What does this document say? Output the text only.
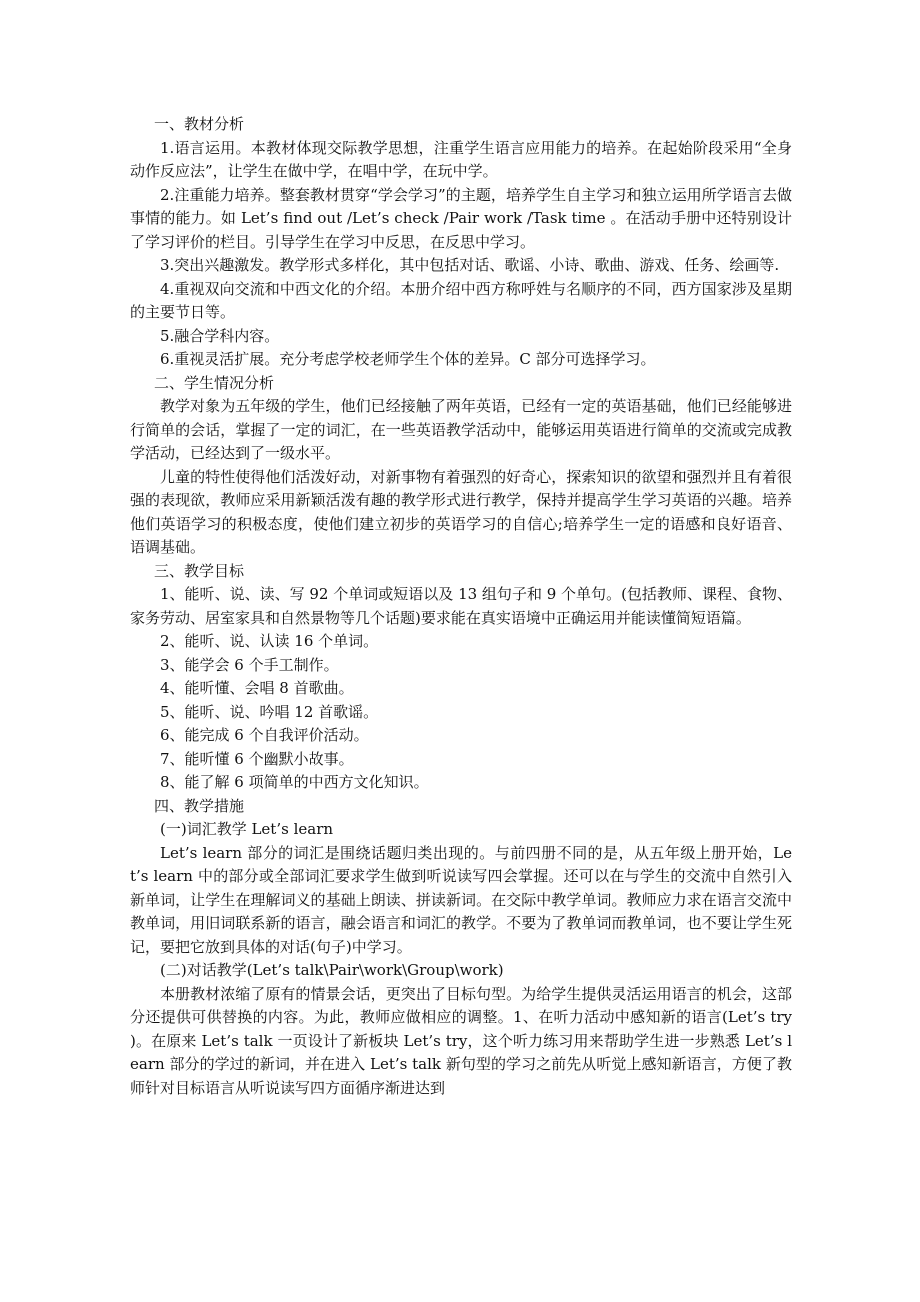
一、教材分析

1.语言运用。本教材体现交际教学思想，注重学生语言应用能力的培养。在起始阶段采用“全身动作反应法”，让学生在做中学，在唱中学，在玩中学。

2.注重能力培养。整套教材贯穿“学会学习”的主题，培养学生自主学习和独立运用所学语言去做事情的能力。如 Let’s find out /Let’s check /Pair work /Task time 。在活动手册中还特别设计了学习评价的栏目。引导学生在学习中反思，在反思中学习。

3.突出兴趣激发。教学形式多样化，其中包括对话、歌谣、小诗、歌曲、游戏、任务、绘画等.

4.重视双向交流和中西文化的介绍。本册介绍中西方称呼姓与名顺序的不同，西方国家涉及星期的主要节日等。

5.融合学科内容。

6.重视灵活扩展。充分考虑学校老师学生个体的差异。C 部分可选择学习。

二、学生情况分析

教学对象为五年级的学生，他们已经接触了两年英语，已经有一定的英语基础，他们已经能够进行简单的会话，掌握了一定的词汇，在一些英语教学活动中，能够运用英语进行简单的交流或完成教学活动，已经达到了一级水平。

儿童的特性使得他们活泼好动，对新事物有着强烈的好奇心，探索知识的欲望和强烈并且有着很强的表现欲，教师应采用新颖活泼有趣的教学形式进行教学，保持并提高学生学习英语的兴趣。培养他们英语学习的积极态度，使他们建立初步的英语学习的自信心;培养学生一定的语感和良好语音、语调基础。

三、教学目标

1、能听、说、读、写 92 个单词或短语以及 13 组句子和 9 个单句。(包括教师、课程、食物、家务劳动、居室家具和自然景物等几个话题)要求能在真实语境中正确运用并能读懂简短语篇。

2、能听、说、认读 16 个单词。

3、能学会 6 个手工制作。

4、能听懂、会唱 8 首歌曲。

5、能听、说、吟唱 12 首歌谣。

6、能完成 6 个自我评价活动。

7、能听懂 6 个幽默小故事。

8、能了解 6 项简单的中西方文化知识。

四、教学措施

(一)词汇教学 Let’s learn

Let’s learn 部分的词汇是围绕话题归类出现的。与前四册不同的是，从五年级上册开始，Let’s learn 中的部分或全部词汇要求学生做到听说读写四会掌握。还可以在与学生的交流中自然引入新单词，让学生在理解词义的基础上朗读、拼读新词。在交际中教学单词。教师应力求在语言交流中教单词，用旧词联系新的语言，融会语言和词汇的教学。不要为了教单词而教单词，也不要让学生死记，要把它放到具体的对话(句子)中学习。

(二)对话教学(Let’s talk\Pair\work\Group\work)

本册教材浓缩了原有的情景会话，更突出了目标句型。为给学生提供灵活运用语言的机会，这部分还提供可供替换的内容。为此，教师应做相应的调整。1、在听力活动中感知新的语言(Let’s try )。在原来 Let’s talk 一页设计了新板块 Let’s try，这个听力练习用来帮助学生进一步熟悉 Let’s learn 部分的学过的新词，并在进入 Let’s talk 新句型的学习之前先从听觉上感知新语言，方便了教师针对目标语言从听说读写四方面循序渐进达到
